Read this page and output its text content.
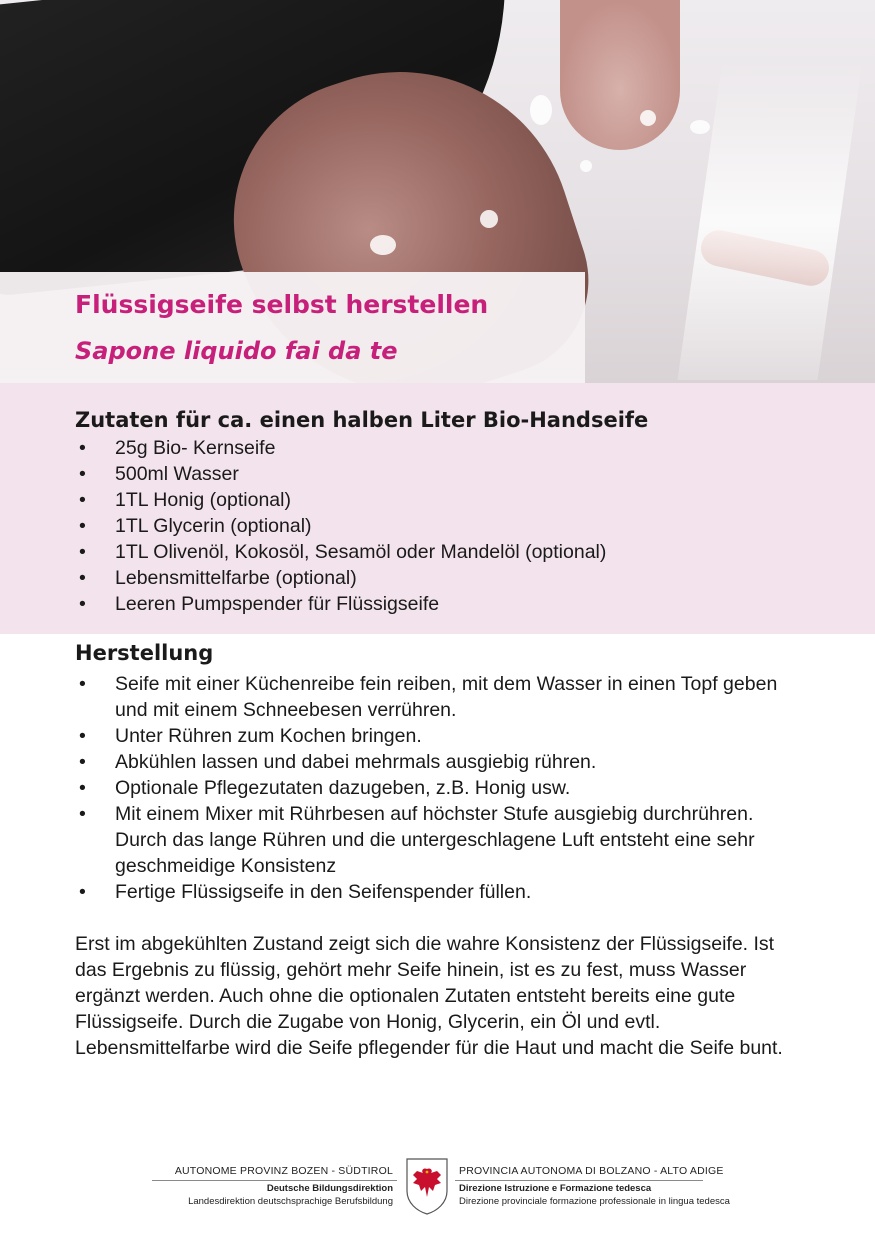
Flüssigseife selbst herstellen
Sapone liquido fai da te
Zutaten für ca. einen halben Liter Bio-Handseife
• 25g Bio- Kernseife
• 500ml Wasser
• 1TL Honig (optional)
• 1TL Glycerin (optional)
• 1TL Olivenöl, Kokosöl, Sesamöl oder Mandelöl (optional)
• Lebensmittelfarbe (optional)
• Leeren Pumpspender für Flüssigseife
Herstellung
• Seife mit einer Küchenreibe fein reiben, mit dem Wasser in einen Topf geben und mit einem Schneebesen verrühren.
• Unter Rühren zum Kochen bringen.
• Abkühlen lassen und dabei mehrmals ausgiebig rühren.
• Optionale Pflegezutaten dazugeben, z.B. Honig usw.
• Mit einem Mixer mit Rührbesen auf höchster Stufe ausgiebig durchrühren. Durch das lange Rühren und die untergeschlagene Luft entsteht eine sehr geschmeidige Konsistenz
• Fertige Flüssigseife in den Seifenspender füllen.

Erst im abgekühlten Zustand zeigt sich die wahre Konsistenz der Flüssigseife. Ist das Ergebnis zu flüssig, gehört mehr Seife hinein, ist es zu fest, muss Wasser ergänzt werden. Auch ohne die optionalen Zutaten entsteht bereits eine gute Flüssigseife. Durch die Zugabe von Honig, Glycerin, ein Öl und evtl. Lebensmittelfarbe wird die Seife pflegender für die Haut und macht die Seife bunt.

AUTONOME PROVINZ BOZEN - SÜDTIROL

Deutsche Bildungsdirektion

Landesdirektion deutschsprachige Berufsbildung

PROVINCIA AUTONOMA DI BOLZANO - ALTO ADIGE

Direzione Istruzione e Formazione tedesca

Direzione provinciale formazione professionale in lingua tedesca
